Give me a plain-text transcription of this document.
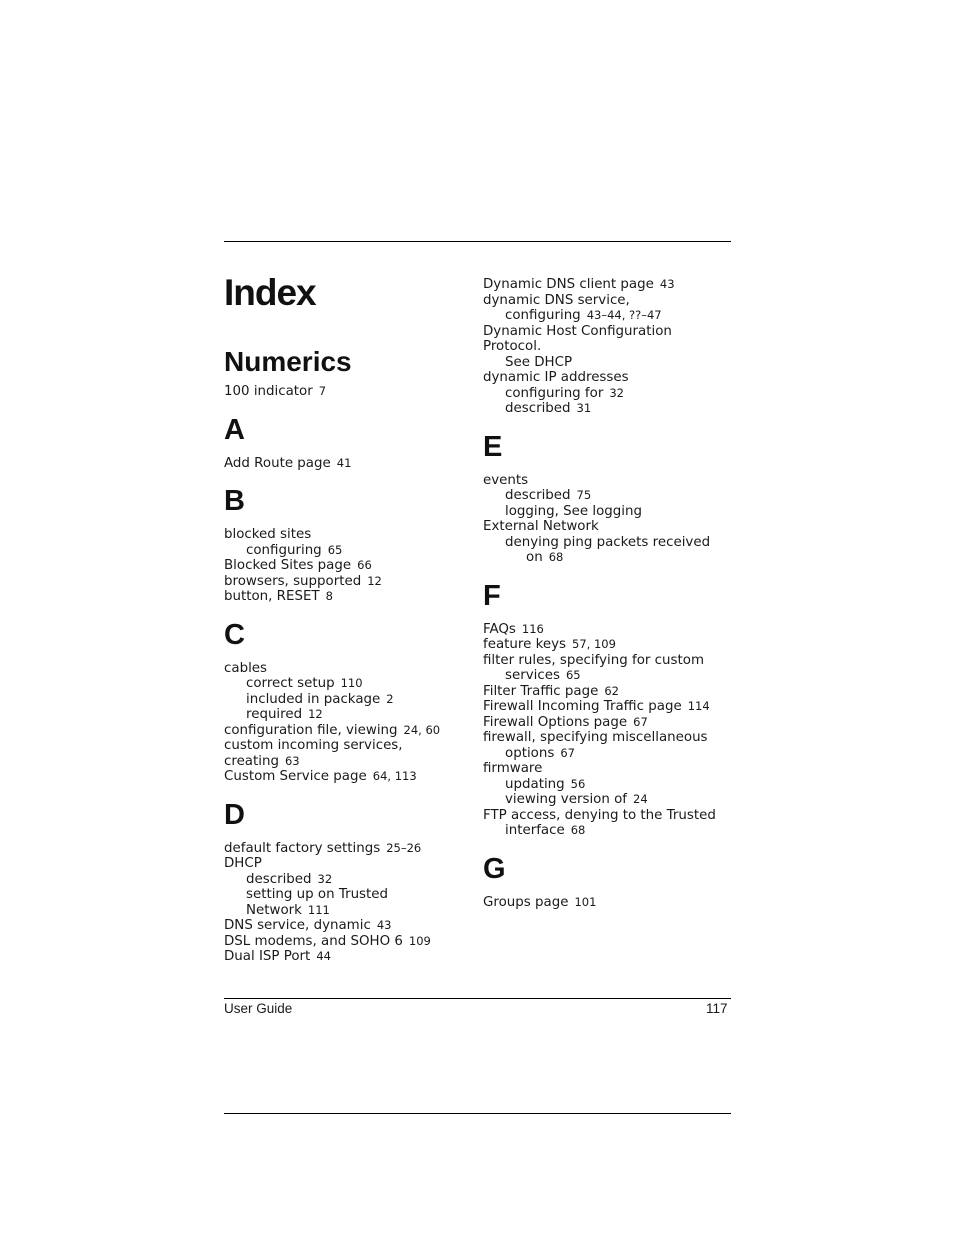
Index
Numerics
100 indicator 7
A
Add Route page 41
B
blocked sites
configuring 65
Blocked Sites page 66
browsers, supported 12
button, RESET 8
C
cables
correct setup 110
included in package 2
required 12
configuration file, viewing 24, 60
custom incoming services, creating 63
Custom Service page 64, 113
D
default factory settings 25–26
DHCP
described 32
setting up on Trusted Network 111
DNS service, dynamic 43
DSL modems, and SOHO 6 109
Dual ISP Port 44
Dynamic DNS client page 43
dynamic DNS service,
configuring 43–44, ??–47
Dynamic Host Configuration Protocol.
See DHCP
dynamic IP addresses
configuring for 32
described 31
E
events
described 75
logging, See logging
External Network
denying ping packets received
on 68
F
FAQs 116
feature keys 57, 109
filter rules, specifying for custom
services 65
Filter Traffic page 62
Firewall Incoming Traffic page 114
Firewall Options page 67
firewall, specifying miscellaneous
options 67
firmware
updating 56
viewing version of 24
FTP access, denying to the Trusted
interface 68
G
Groups page 101
User Guide	117
